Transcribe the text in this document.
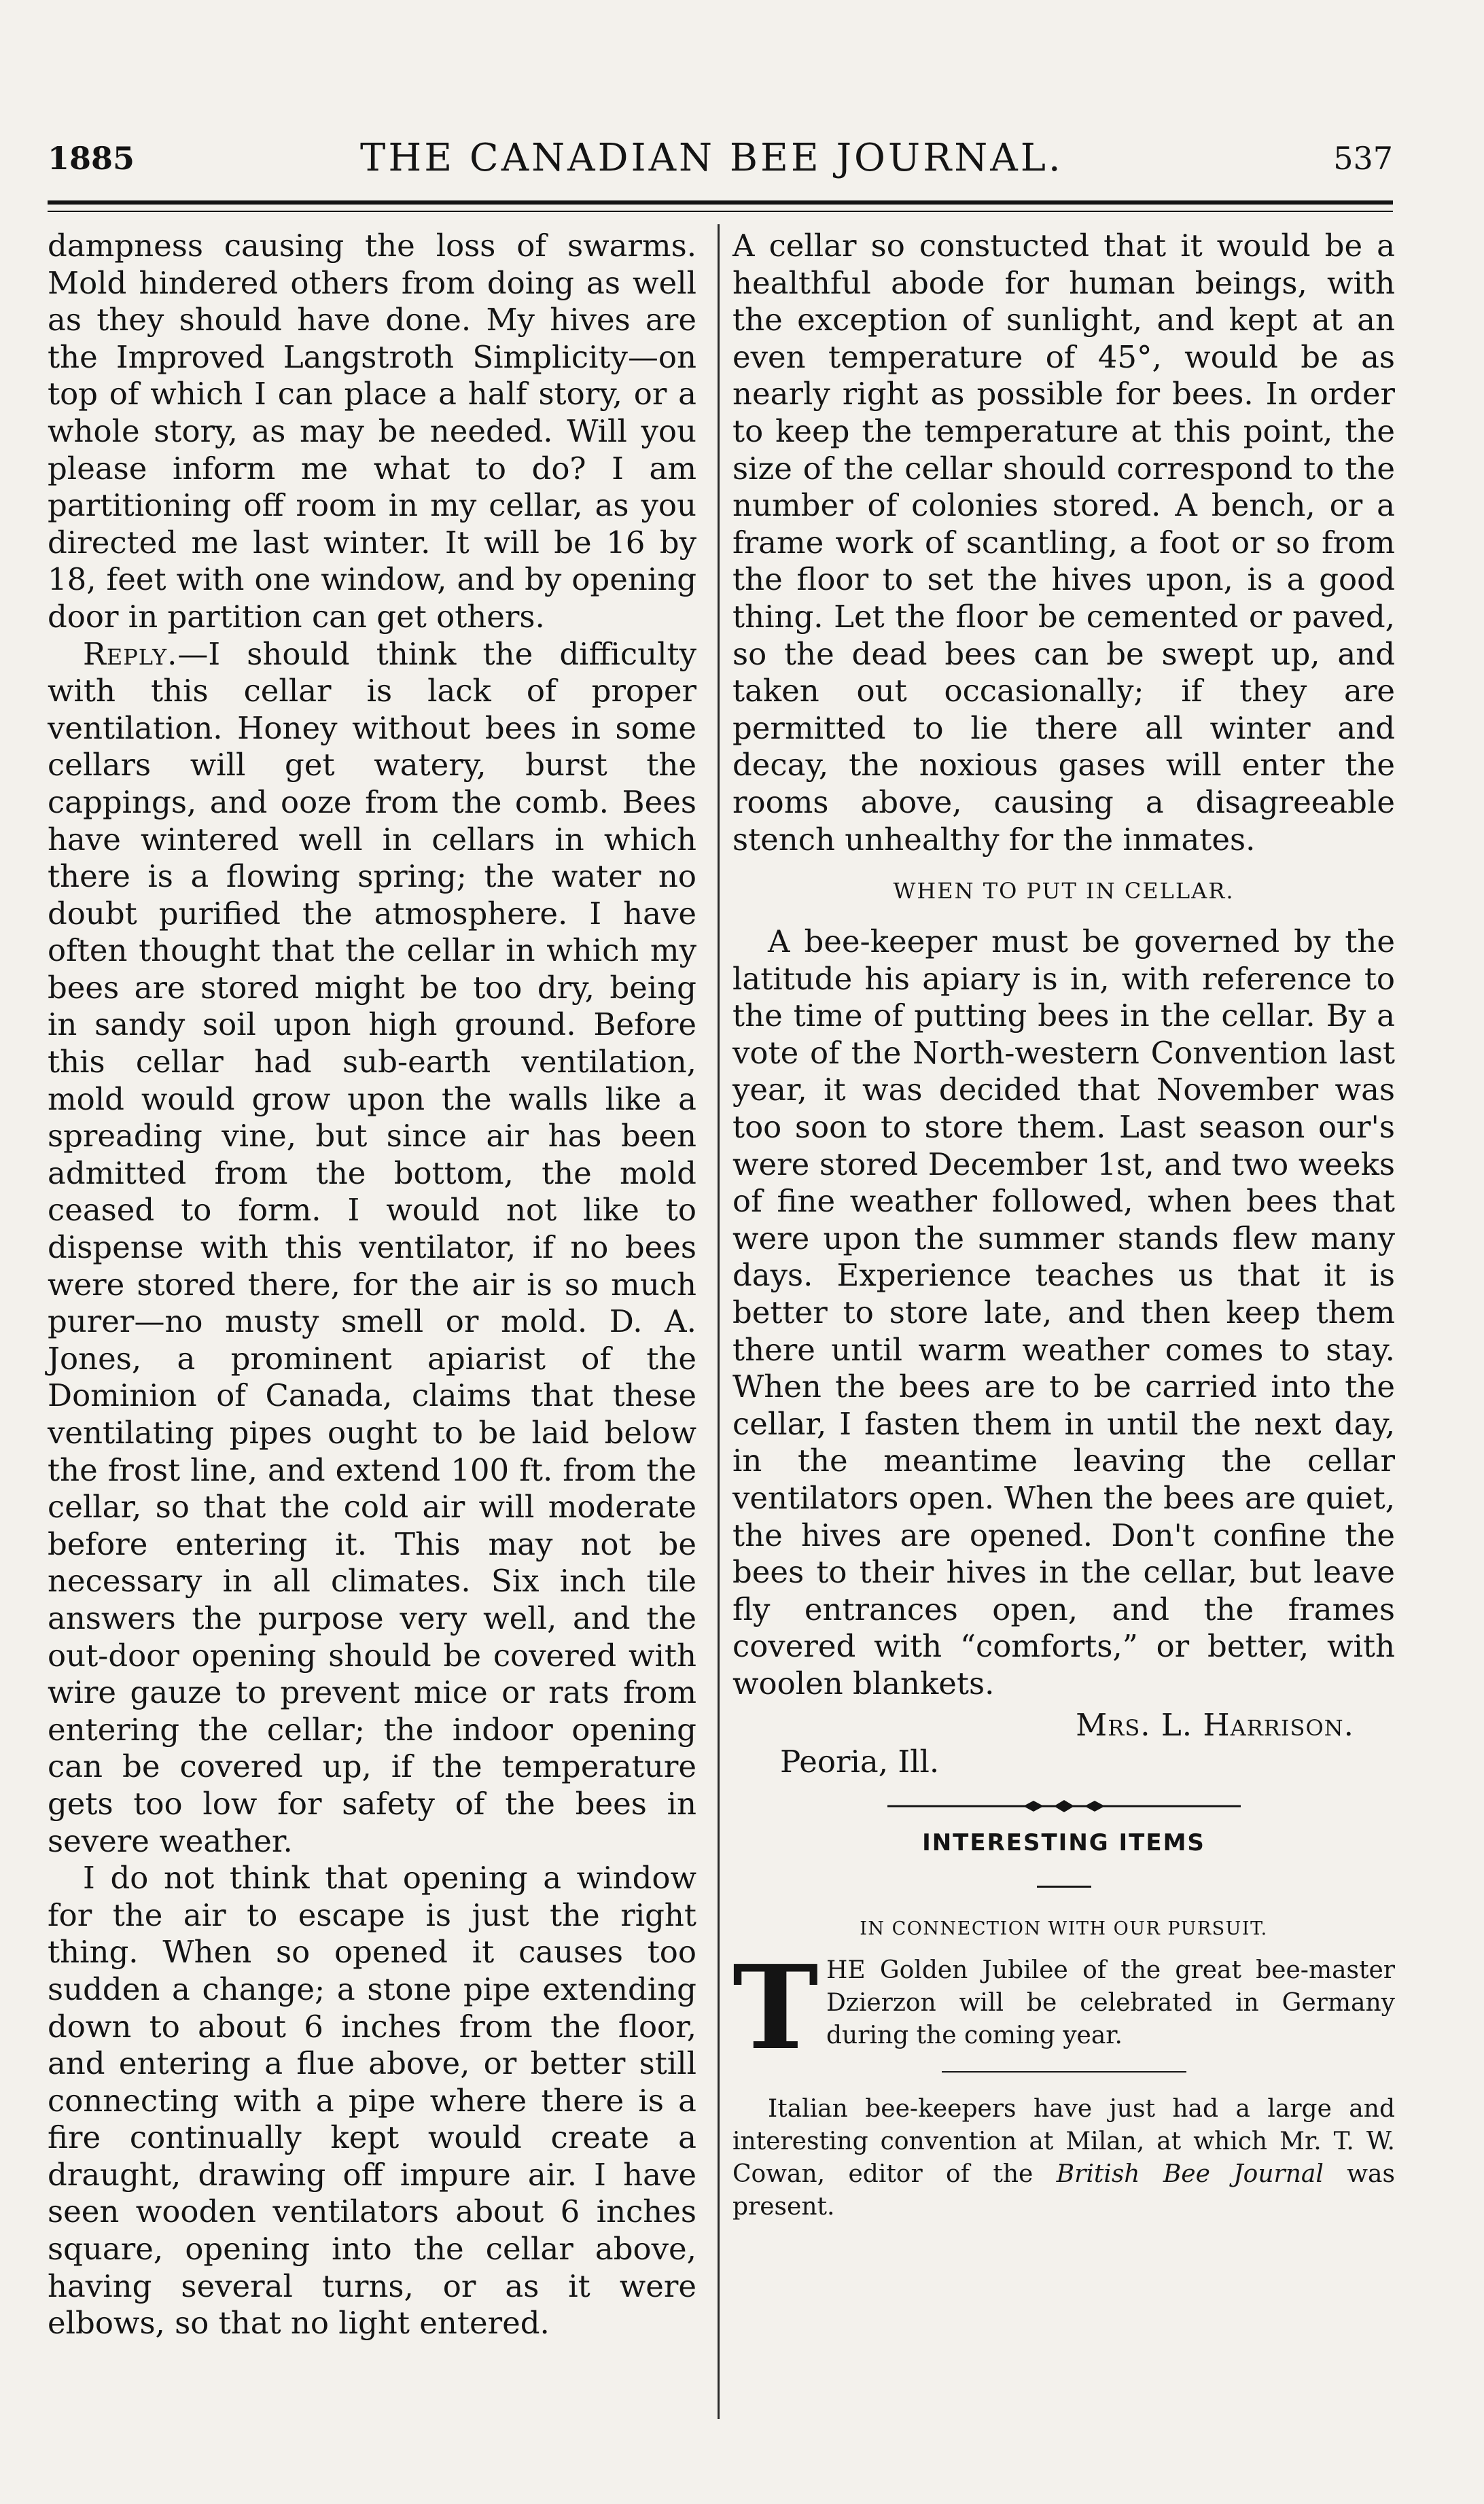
1885	THE CANADIAN BEE JOURNAL.	537

dampness causing the loss of swarms. Mold hindered others from doing as well as they should have done. My hives are the Improved Langstroth Simplicity—on top of which I can place a half story, or a whole story, as may be needed. Will you please inform me what to do? I am partitioning off room in my cellar, as you directed me last winter. It will be 16 by 18, feet with one window, and by opening door in partition can get others.

Reply.—I should think the difficulty with this cellar is lack of proper ventilation. Honey without bees in some cellars will get watery, burst the cappings, and ooze from the comb. Bees have wintered well in cellars in which there is a flowing spring; the water no doubt purified the atmosphere. I have often thought that the cellar in which my bees are stored might be too dry, being in sandy soil upon high ground. Before this cellar had sub-earth ventilation, mold would grow upon the walls like a spreading vine, but since air has been admitted from the bottom, the mold ceased to form. I would not like to dispense with this ventilator, if no bees were stored there, for the air is so much purer—no musty smell or mold. D. A. Jones, a prominent apiarist of the Dominion of Canada, claims that these ventilating pipes ought to be laid below the frost line, and extend 100 ft. from the cellar, so that the cold air will moderate before entering it. This may not be necessary in all climates. Six inch tile answers the purpose very well, and the out-door opening should be covered with wire gauze to prevent mice or rats from entering the cellar; the indoor opening can be covered up, if the temperature gets too low for safety of the bees in severe weather.

I do not think that opening a window for the air to escape is just the right thing. When so opened it causes too sudden a change; a stone pipe extending down to about 6 inches from the floor, and entering a flue above, or better still connecting with a pipe where there is a fire continually kept would create a draught, drawing off impure air. I have seen wooden ventilators about 6 inches square, opening into the cellar above, having several turns, or as it were elbows, so that no light entered.

A cellar so constucted that it would be a healthful abode for human beings, with the exception of sunlight, and kept at an even temperature of 45°, would be as nearly right as possible for bees. In order to keep the temperature at this point, the size of the cellar should correspond to the number of colonies stored. A bench, or a frame work of scantling, a foot or so from the floor to set the hives upon, is a good thing. Let the floor be cemented or paved, so the dead bees can be swept up, and taken out occasionally; if they are permitted to lie there all winter and decay, the noxious gases will enter the rooms above, causing a disagreeable stench unhealthy for the inmates.

WHEN TO PUT IN CELLAR.

A bee-keeper must be governed by the latitude his apiary is in, with reference to the time of putting bees in the cellar. By a vote of the North-western Convention last year, it was decided that November was too soon to store them. Last season our's were stored December 1st, and two weeks of fine weather followed, when bees that were upon the summer stands flew many days. Experience teaches us that it is better to store late, and then keep them there until warm weather comes to stay. When the bees are to be carried into the cellar, I fasten them in until the next day, in the meantime leaving the cellar ventilators open. When the bees are quiet, the hives are opened. Don't confine the bees to their hives in the cellar, but leave fly entrances open, and the frames covered with “comforts,” or better, with woolen blankets.

Mrs. L. Harrison.
Peoria, Ill.
INTERESTING ITEMS
IN CONNECTION WITH OUR PURSUIT.
T HE Golden Jubilee of the great bee-master Dzierzon will be celebrated in Germany during the coming year.

Italian bee-keepers have just had a large and interesting convention at Milan, at which Mr. T. W. Cowan, editor of the British Bee Journal was present.
